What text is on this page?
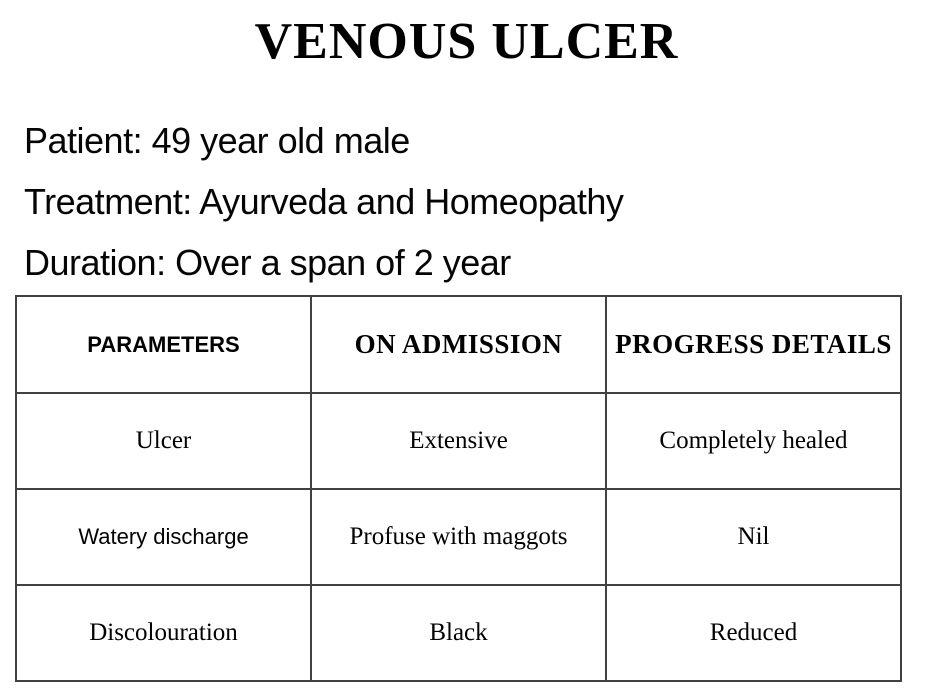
VENOUS ULCER

Patient: 49 year old male

Treatment: Ayurveda and Homeopathy

Duration: Over a span of 2 year

PARAMETERS	ON ADMISSION	PROGRESS DETAILS
Ulcer	Extensive	Completely healed
Watery discharge	Profuse with maggots	Nil
Discolouration	Black	Reduced
